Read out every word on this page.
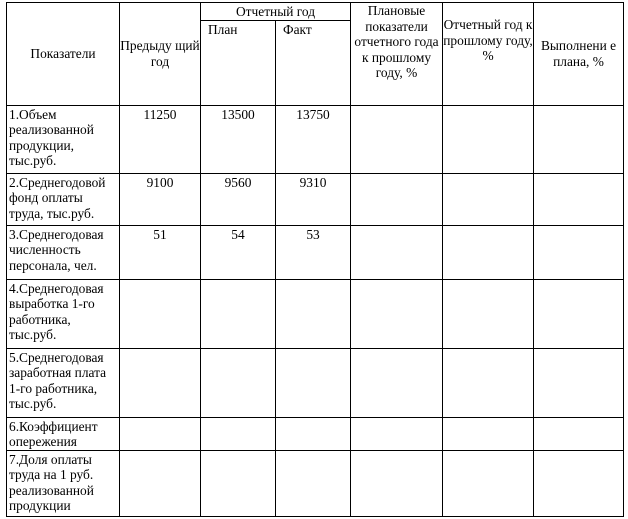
Показатели	Предыду щий год	Отчетный год		Плановые показатели отчетного года к прошлому году, %	Отчетный год к прошлому году, %	Выполнени е плана, %
		План	Факт			
1.Объем реализованной продукции, тыс.руб.	11250	13500	13750			
2.Среднегодовой фонд оплаты труда, тыс.руб.	9100	9560	9310			
3.Среднегодовая численность персонала, чел.	51	54	53			
4.Среднегодовая выработка 1-го работника, тыс.руб.						
5.Среднегодовая заработная плата 1-го работника, тыс.руб.						
6.Коэффициент опережения						
7.Доля оплаты труда на 1 руб. реализованной продукции						
